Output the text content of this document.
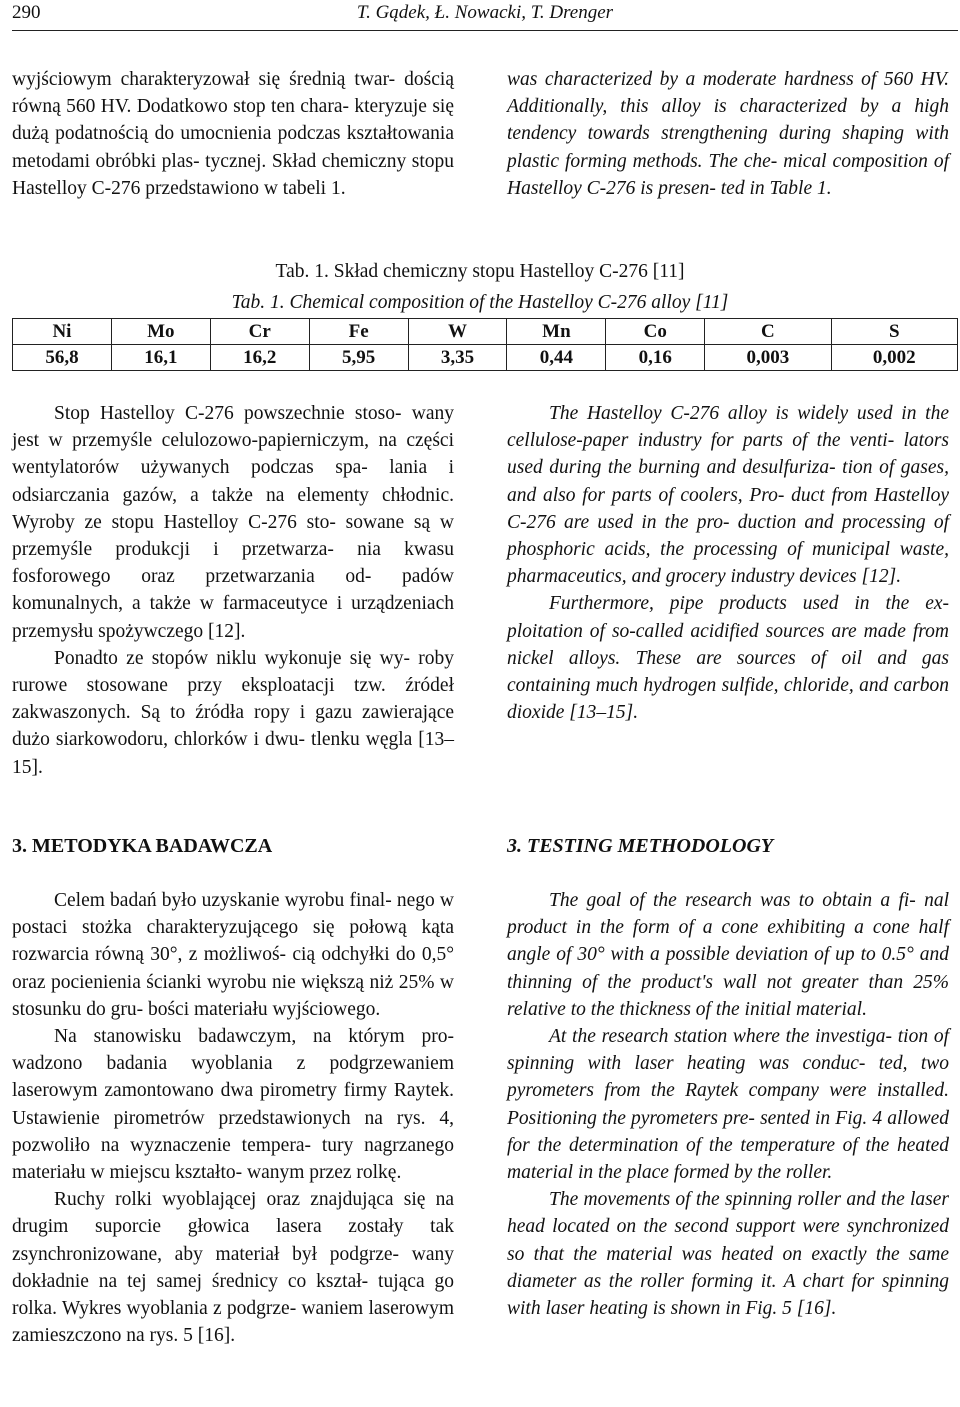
290	T. Gądek, Ł. Nowacki, T. Drenger

wyjściowym charakteryzował się średnią twar- dością równą 560 HV. Dodatkowo stop ten chara- kteryzuje się dużą podatnością do umocnienia podczas kształtowania metodami obróbki plas- tycznej. Skład chemiczny stopu Hastelloy C-276 przedstawiono w tabeli 1.

was characterized by a moderate hardness of 560 HV. Additionally, this alloy is characterized by a high tendency towards strengthening during shaping with plastic forming methods. The che- mical composition of Hastelloy C-276 is presen- ted in Table 1.

Tab. 1. Skład chemiczny stopu Hastelloy C-276 [11]
Tab. 1. Chemical composition of the Hastelloy C-276 alloy [11]
Ni	Mo	Cr	Fe	W	Mn	Co	C	S
56,8	16,1	16,2	5,95	3,35	0,44	0,16	0,003	0,002

Stop Hastelloy C-276 powszechnie stoso- wany jest w przemyśle celulozowo-papierniczym, na części wentylatorów używanych podczas spa- lania i odsiarczania gazów, a także na elementy chłodnic. Wyroby ze stopu Hastelloy C-276 sto- sowane są w przemyśle produkcji i przetwarza- nia kwasu fosforowego oraz przetwarzania od- padów komunalnych, a także w farmaceutyce i urządzeniach przemysłu spożywczego [12].

Ponadto ze stopów niklu wykonuje się wy- roby rurowe stosowane przy eksploatacji tzw. źródeł zakwaszonych. Są to źródła ropy i gazu zawierające dużo siarkowodoru, chlorków i dwu- tlenku węgla [13–15].

The Hastelloy C-276 alloy is widely used in the cellulose-paper industry for parts of the venti- lators used during the burning and desulfuriza- tion of gases, and also for parts of coolers, Pro- duct from Hastelloy C-276 are used in the pro- duction and processing of phosphoric acids, the processing of municipal waste, pharmaceutics, and grocery industry devices [12].

Furthermore, pipe products used in the ex- ploitation of so-called acidified sources are made from nickel alloys. These are sources of oil and gas containing much hydrogen sulfide, chloride, and carbon dioxide [13–15].

3. METODYKA BADAWCZA	3. TESTING METHODOLOGY

Celem badań było uzyskanie wyrobu final- nego w postaci stożka charakteryzującego się połową kąta rozwarcia równą 30°, z możliwoś- cią odchyłki do 0,5° oraz pocienienia ścianki wyrobu nie większą niż 25% w stosunku do gru- bości materiału wyjściowego.

Na stanowisku badawczym, na którym pro- wadzono badania wyoblania z podgrzewaniem laserowym zamontowano dwa pirometry firmy Raytek. Ustawienie pirometrów przedstawionych na rys. 4, pozwoliło na wyznaczenie tempera- tury nagrzanego materiału w miejscu kształto- wanym przez rolkę.

Ruchy rolki wyoblającej oraz znajdująca się na drugim suporcie głowica lasera zostały tak zsynchronizowane, aby materiał był podgrze- wany dokładnie na tej samej średnicy co kształ- tująca go rolka. Wykres wyoblania z podgrze- waniem laserowym zamieszczono na rys. 5 [16].

The goal of the research was to obtain a fi- nal product in the form of a cone exhibiting a cone half angle of 30° with a possible deviation of up to 0.5° and thinning of the product's wall not greater than 25% relative to the thickness of the initial material.

At the research station where the investiga- tion of spinning with laser heating was conduc- ted, two pyrometers from the Raytek company were installed. Positioning the pyrometers pre- sented in Fig. 4 allowed for the determination of the temperature of the heated material in the place formed by the roller.

The movements of the spinning roller and the laser head located on the second support were synchronized so that the material was heated on exactly the same diameter as the roller forming it. A chart for spinning with laser heating is shown in Fig. 5 [16].
